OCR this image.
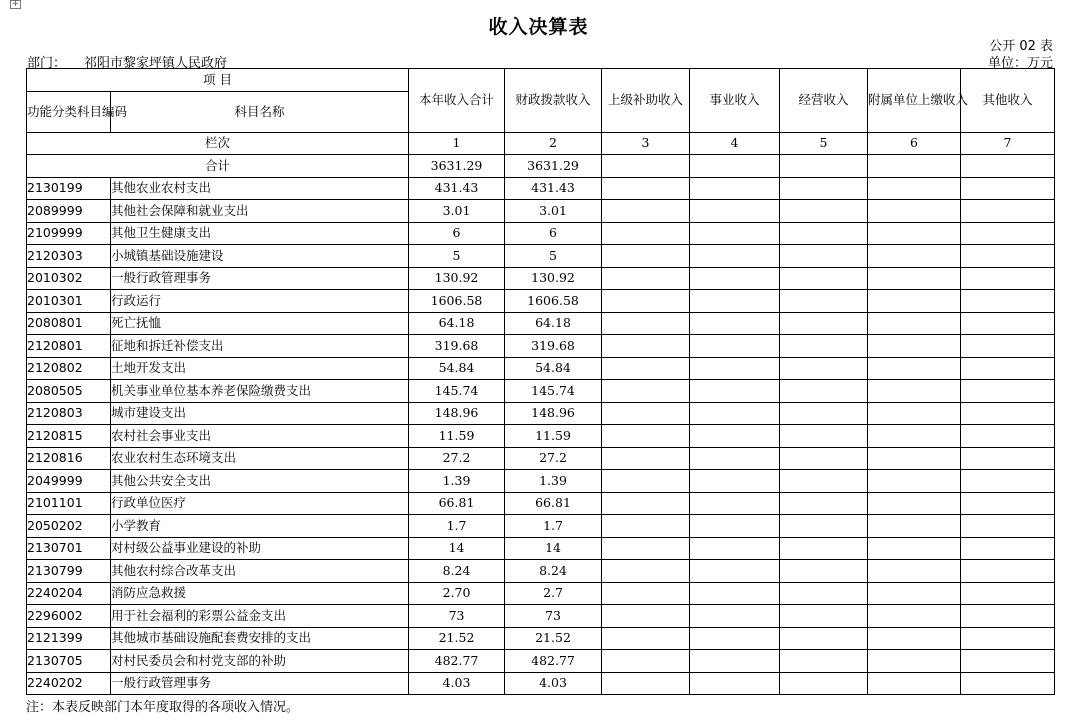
+
收入决算表
公开 02 表
单位：万元
部门： 祁阳市黎家坪镇人民政府
项 目		本年收入合计	财政拨款收入	上级补助收入	事业收入	经营收入	附属单位上缴收入	其他收入
功能分类科目编码	科目名称							
栏次		1	2	3	4	5	6	7
合计		3631.29	3631.29					
2130199	其他农业农村支出	431.43	431.43					
2089999	其他社会保障和就业支出	3.01	3.01					
2109999	其他卫生健康支出	6	6					
2120303	小城镇基础设施建设	5	5					
2010302	一般行政管理事务	130.92	130.92					
2010301	行政运行	1606.58	1606.58					
2080801	死亡抚恤	64.18	64.18					
2120801	征地和拆迁补偿支出	319.68	319.68					
2120802	土地开发支出	54.84	54.84					
2080505	机关事业单位基本养老保险缴费支出	145.74	145.74					
2120803	城市建设支出	148.96	148.96					
2120815	农村社会事业支出	11.59	11.59					
2120816	农业农村生态环境支出	27.2	27.2					
2049999	其他公共安全支出	1.39	1.39					
2101101	行政单位医疗	66.81	66.81					
2050202	小学教育	1.7	1.7					
2130701	对村级公益事业建设的补助	14	14					
2130799	其他农村综合改革支出	8.24	8.24					
2240204	消防应急救援	2.70	2.7					
2296002	用于社会福利的彩票公益金支出	73	73					
2121399	其他城市基础设施配套费安排的支出	21.52	21.52					
2130705	对村民委员会和村党支部的补助	482.77	482.77					
2240202	一般行政管理事务	4.03	4.03					
注：本表反映部门本年度取得的各项收入情况。
